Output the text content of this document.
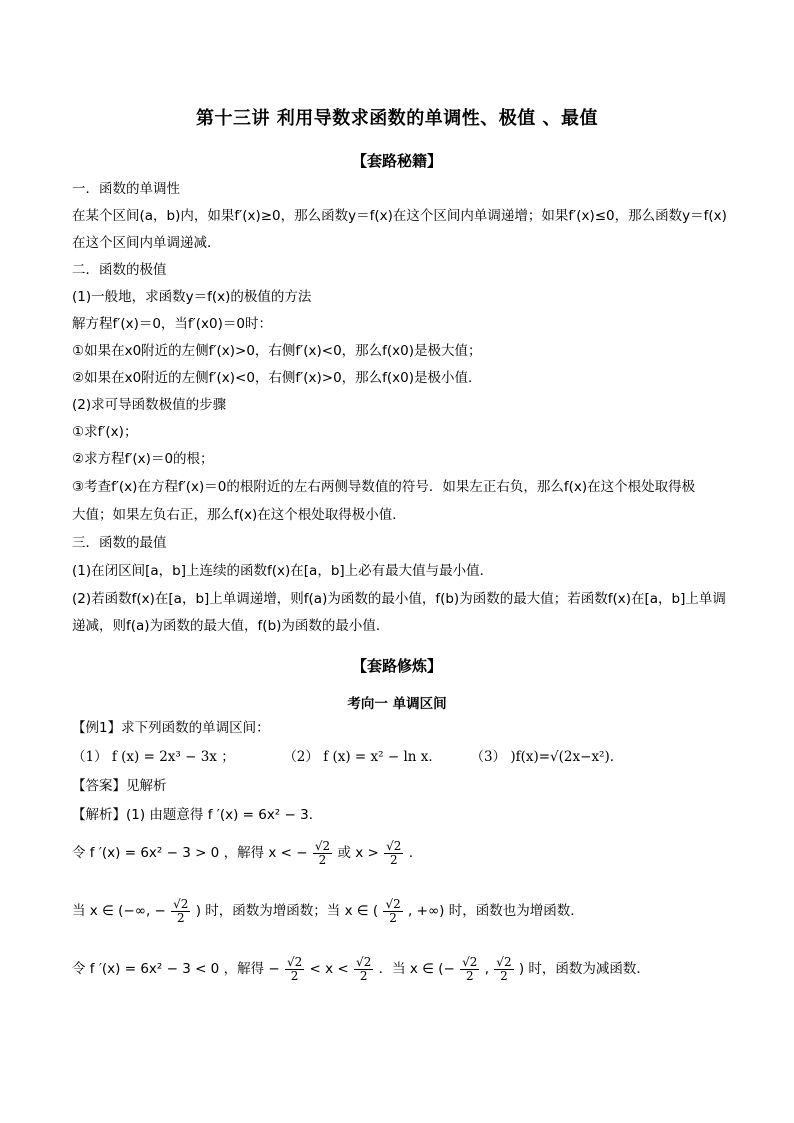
第十三讲 利用导数求函数的单调性、极值 、最值
【套路秘籍】
一．函数的单调性
在某个区间(a，b)内，如果f′(x)≥0，那么函数y＝f(x)在这个区间内单调递增；如果f′(x)≤0，那么函数y＝f(x)
在这个区间内单调递减．
二．函数的极值
(1)一般地，求函数y＝f(x)的极值的方法
解方程f′(x)＝0，当f′(x0)＝0时：
①如果在x0附近的左侧f′(x)>0，右侧f′(x)<0，那么f(x0)是极大值；
②如果在x0附近的左侧f′(x)<0，右侧f′(x)>0，那么f(x0)是极小值．
(2)求可导函数极值的步骤
①求f′(x)；
②求方程f′(x)＝0的根；
③考查f′(x)在方程f′(x)＝0的根附近的左右两侧导数值的符号．如果左正右负，那么f(x)在这个根处取得极
大值；如果左负右正，那么f(x)在这个根处取得极小值．
三．函数的最值
(1)在闭区间[a，b]上连续的函数f(x)在[a，b]上必有最大值与最小值．
(2)若函数f(x)在[a，b]上单调递增，则f(a)为函数的最小值，f(b)为函数的最大值；若函数f(x)在[a，b]上单调
递减，则f(a)为函数的最大值，f(b)为函数的最小值．
【套路修炼】
考向一 单调区间
【例1】求下列函数的单调区间：
（1） f (x) = 2x³ − 3x ；	（2） f (x) = x² − ln x． （3） )f(x)=√(2x−x²)．
【答案】见解析
【解析】(1) 由题意得 f ′(x) = 6x² − 3．
令 f ′(x) = 6x² − 3 > 0 ，解得 x < − $\frac{√2}{2}$ 或 $x > \frac{√2}{2}$ .
当 x ∈ (−∞, − $\frac{√2}{2}$ ) 时，函数为增函数；当 x ∈ ( $\frac{√2}{2}$ , +∞) 时，函数也为增函数．
令 f ′(x) = 6x² − 3 < 0 ，解得 − $\frac{√2}{2} < x < \frac{√2}{2}$ ．当 x ∈ (− $\frac{√2}{2}$ , $\frac{√2}{2}$ ) 时，函数为减函数．
